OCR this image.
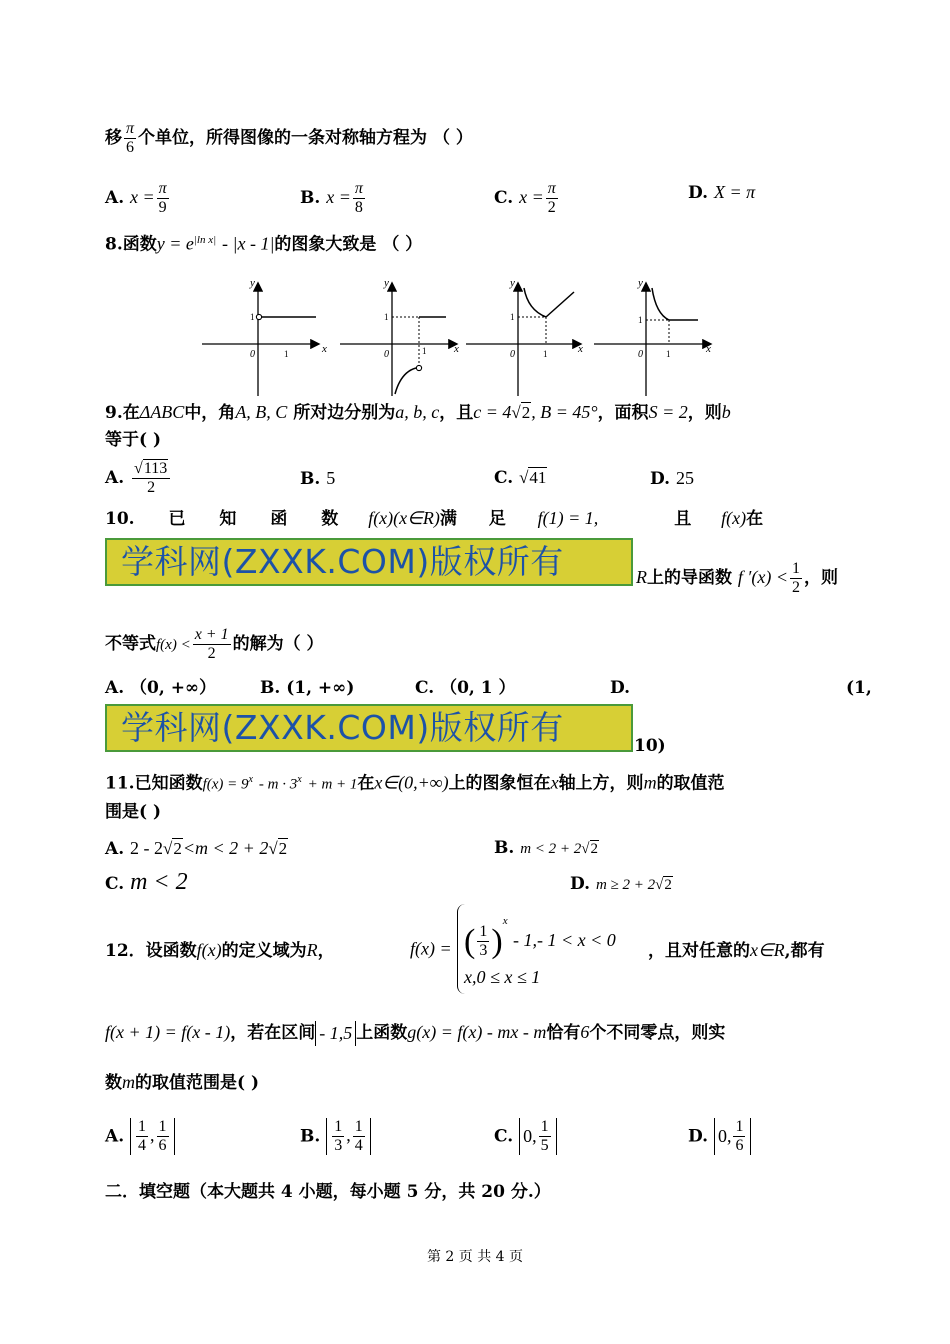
移 $\frac{\pi}{6}$ 个单位，所得图像的一条对称轴方程为 （ ）
A. $x = \frac{\pi}{9}$	B. $x = \frac{\pi}{8}$	C. $x = \frac{\pi}{2}$	D. X = π
8.函数$y = e^{|ln x|} - |x - 1|$的图象大致是 （ ）
y
x
1
0	1
y
x
1
0	1
y
x
1
0	1
y
x
1
0	1
9.在ΔABC中，角A, B, C 所对边分别为a, b, c，且c = 4√2, B = 45°，面积S = 2，则b
等于( )
A. $\frac{√113}{2}$	B. 5	C. √41	D. 25
10. 已 知 函 数 f(x)(x∈R)满 足 f(1) = 1,	且 f(x)在
学科网(ZXXK.COM)版权所有	R上的导函数 f $'(x) < \frac{1}{2}$ ，则
不等式$f(x) < \frac{x + 1}{2}$ 的解为（ ）
A. （0, +∞）	B. (1, +∞)	C. （0, 1 ）	D.	(1,
学科网(ZXXK.COM)版权所有	10)
11.已知函数$f(x) = 9^x - m \cdot 3^x + m + 1$在x∈(0,+∞)上的图象恒在x轴上方，则m的取值范
围是( )
A. 2 - 2√2<m < 2 + 2√2	B. m < 2 + 2√2
C. m < 2	D. m ≥ 2 + 2√2
12．设函数f(x)的定义域为R，	f(x) = ( $\frac{1}{3} )^x - 1,-$ 1 < x < 0
x,0 ≤ x ≤ 1
，且对任意的x∈R,都有
f(x + 1) = f(x - 1)，若在区间 - 1,5 上函数g(x) = f(x) - mx - m恰有6个不同零点，则实
数m的取值范围是( )
A. $\frac{1}{4}$ , $\frac{1}{6}$	B. $\frac{1}{3}$ , $\frac{1}{4}$	C. 0, $\frac{1}{5}$	D. 0, $\frac{1}{6}$
二．填空题（本大题共 4 小题，每小题 5 分，共 20 分.）
第 2 页 共 4 页
